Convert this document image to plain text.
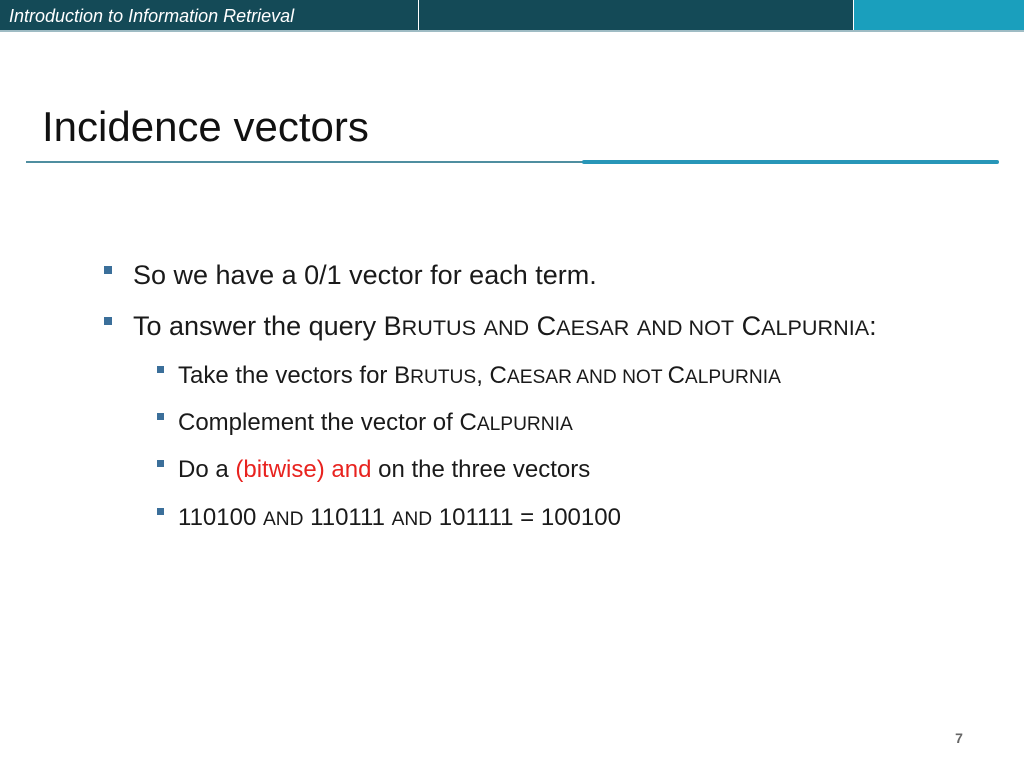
Introduction to Information Retrieval
Incidence vectors
So we have a 0/1 vector for each term.
To answer the query BRUTUS AND CAESAR AND NOT CALPURNIA:
Take the vectors for BRUTUS, CAESAR AND NOT CALPURNIA
Complement the vector of CALPURNIA
Do a (bitwise) and on the three vectors
110100 AND 110111 AND 101111 = 100100
7
